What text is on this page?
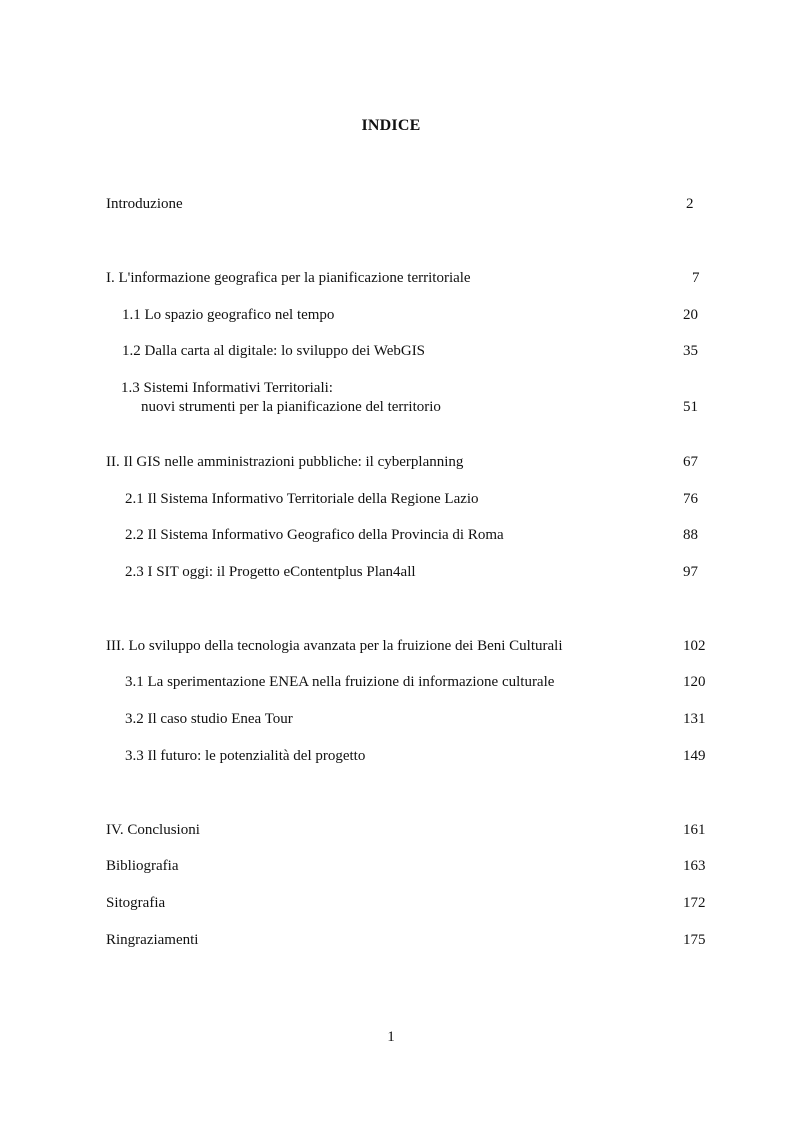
INDICE
Introduzione	2
I. L'informazione geografica per la pianificazione territoriale	7
1.1 Lo spazio geografico nel tempo	20
1.2 Dalla carta al digitale: lo sviluppo dei WebGIS	35
1.3 Sistemi Informativi Territoriali:
nuovi strumenti per la pianificazione del territorio	51
II. Il GIS nelle amministrazioni pubbliche: il cyberplanning	67
2.1 Il Sistema Informativo Territoriale della Regione Lazio	76
2.2 Il Sistema Informativo Geografico della Provincia di Roma	88
2.3 I SIT oggi: il Progetto eContentplus Plan4all	97
III. Lo sviluppo della tecnologia avanzata per la fruizione dei Beni Culturali	102
3.1 La sperimentazione ENEA nella fruizione di informazione culturale	120
3.2 Il caso studio Enea Tour	131
3.3 Il futuro: le potenzialità del progetto	149
IV. Conclusioni	161
Bibliografia	163
Sitografia	172
Ringraziamenti	175
1
